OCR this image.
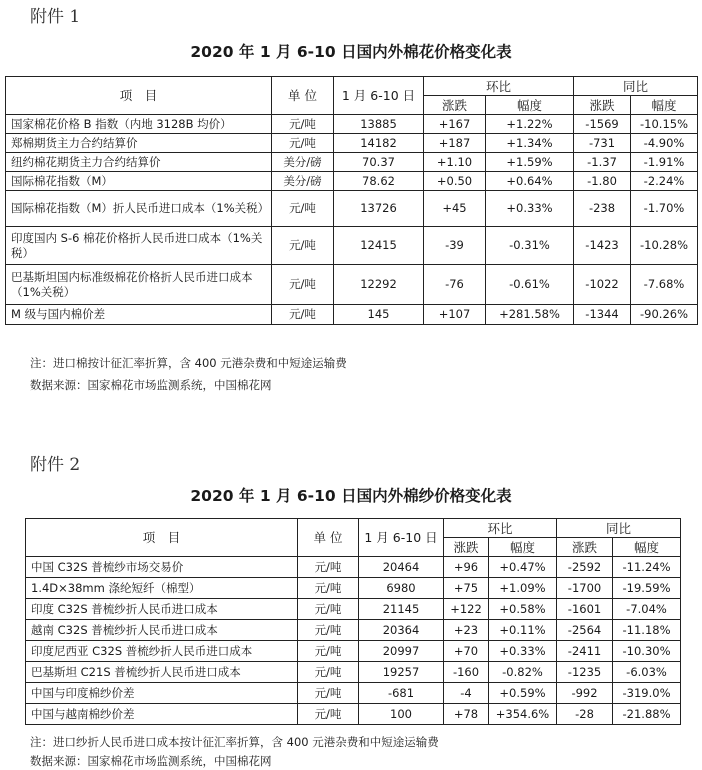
附件 1
2020 年 1 月 6-10 日国内外棉花价格变化表
项　目	单 位	1 月 6-10 日	环比		同比	
			涨跌	幅度	涨跌	幅度
国家棉花价格 B 指数（内地 3128B 均价）	元/吨	13885	+167	+1.22%	-1569	-10.15%
郑棉期货主力合约结算价	元/吨	14182	+187	+1.34%	-731	-4.90%
纽约棉花期货主力合约结算价	美分/磅	70.37	+1.10	+1.59%	-1.37	-1.91%
国际棉花指数（M）	美分/磅	78.62	+0.50	+0.64%	-1.80	-2.24%
国际棉花指数（M）折人民币进口成本（1%关税）	元/吨	13726	+45	+0.33%	-238	-1.70%
印度国内 S-6 棉花价格折人民币进口成本（1%关税）	元/吨	12415	-39	-0.31%	-1423	-10.28%
巴基斯坦国内标准级棉花价格折人民币进口成本（1%关税）	元/吨	12292	-76	-0.61%	-1022	-7.68%
M 级与国内棉价差	元/吨	145	+107	+281.58%	-1344	-90.26%
注：进口棉按计征汇率折算，含 400 元港杂费和中短途运输费
数据来源：国家棉花市场监测系统，中国棉花网
附件 2
2020 年 1 月 6-10 日国内外棉纱价格变化表
项　目	单 位	1 月 6-10 日	环比		同比	
			涨跌	幅度	涨跌	幅度
中国 C32S 普梳纱市场交易价	元/吨	20464	+96	+0.47%	-2592	-11.24%
1.4D×38mm 涤纶短纤（棉型）	元/吨	6980	+75	+1.09%	-1700	-19.59%
印度 C32S 普梳纱折人民币进口成本	元/吨	21145	+122	+0.58%	-1601	-7.04%
越南 C32S 普梳纱折人民币进口成本	元/吨	20364	+23	+0.11%	-2564	-11.18%
印度尼西亚 C32S 普梳纱折人民币进口成本	元/吨	20997	+70	+0.33%	-2411	-10.30%
巴基斯坦 C21S 普梳纱折人民币进口成本	元/吨	19257	-160	-0.82%	-1235	-6.03%
中国与印度棉纱价差	元/吨	-681	-4	+0.59%	-992	-319.0%
中国与越南棉纱价差	元/吨	100	+78	+354.6%	-28	-21.88%
注：进口纱折人民币进口成本按计征汇率折算，含 400 元港杂费和中短途运输费
数据来源：国家棉花市场监测系统，中国棉花网
